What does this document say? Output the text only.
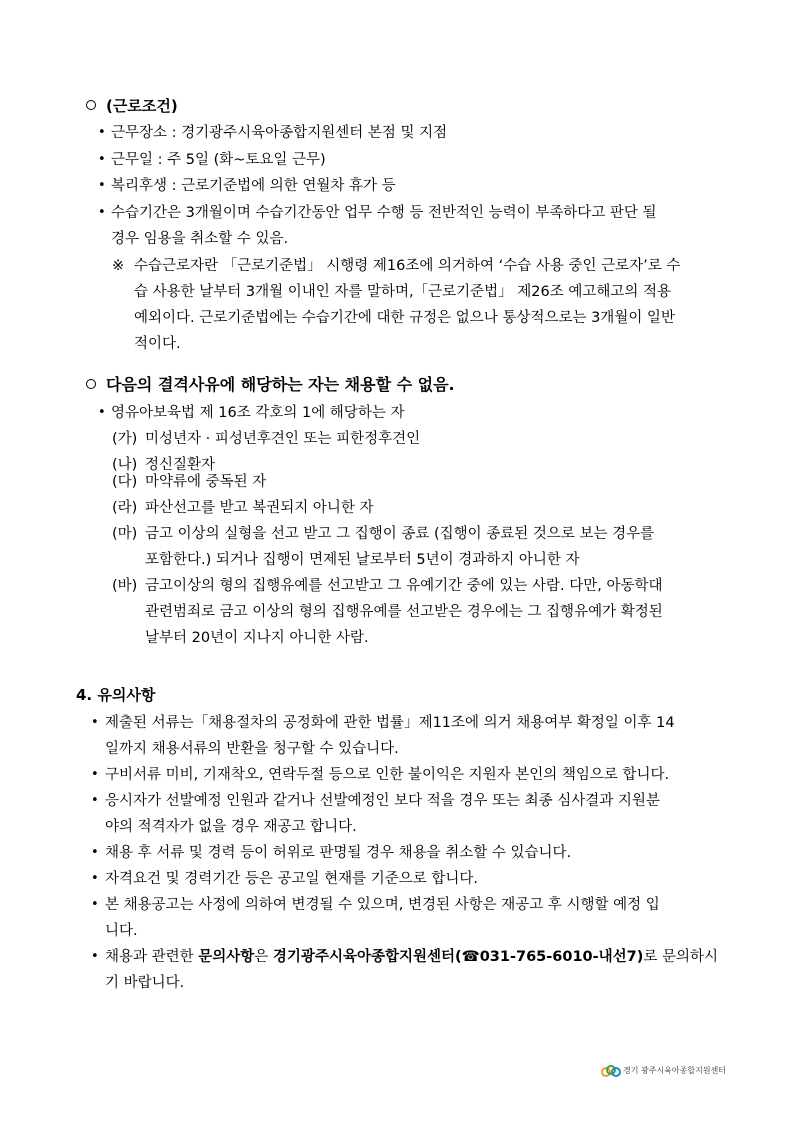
(근로조건)
• 근무장소 : 경기광주시육아종합지원센터 본점 및 지점
• 근무일 : 주 5일 (화~토요일 근무)
• 복리후생 : 근로기준법에 의한 연월차 휴가 등
• 수습기간은 3개월이며 수습기간동안 업무 수행 등 전반적인 능력이 부족하다고 판단 될
경우 임용을 취소할 수 있음.
※ 수습근로자란 「근로기준법」 시행령 제16조에 의거하여 ‘수습 사용 중인 근로자’로 수
습 사용한 날부터 3개월 이내인 자를 말하며,「근로기준법」 제26조 예고해고의 적용
예외이다. 근로기준법에는 수습기간에 대한 규정은 없으나 통상적으로는 3개월이 일반
적이다.
다음의 결격사유에 해당하는 자는 채용할 수 없음.
• 영유아보육법 제 16조 각호의 1에 해당하는 자
(가) 미성년자 · 피성년후견인 또는 피한정후견인
(나) 정신질환자
(다) 마약류에 중독된 자
(라) 파산선고를 받고 복권되지 아니한 자
(마) 금고 이상의 실형을 선고 받고 그 집행이 종료 (집행이 종료된 것으로 보는 경우를
포함한다.) 되거나 집행이 면제된 날로부터 5년이 경과하지 아니한 자
(바) 금고이상의 형의 집행유예를 선고받고 그 유예기간 중에 있는 사람. 다만, 아동학대
관련범죄로 금고 이상의 형의 집행유예를 선고받은 경우에는 그 집행유예가 확정된
날부터 20년이 지나지 아니한 사람.
4. 유의사항
• 제출된 서류는「채용절차의 공정화에 관한 법률」제11조에 의거 채용여부 확정일 이후 14
일까지 채용서류의 반환을 청구할 수 있습니다.
• 구비서류 미비, 기재착오, 연락두절 등으로 인한 불이익은 지원자 본인의 책임으로 합니다.
• 응시자가 선발예정 인원과 같거나 선발예정인 보다 적을 경우 또는 최종 심사결과 지원분
야의 적격자가 없을 경우 재공고 합니다.
• 채용 후 서류 및 경력 등이 허위로 판명될 경우 채용을 취소할 수 있습니다.
• 자격요건 및 경력기간 등은 공고일 현재를 기준으로 합니다.
• 본 채용공고는 사정에 의하여 변경될 수 있으며, 변경된 사항은 재공고 후 시행할 예정 입
니다.
• 채용과 관련한 문의사항은 경기광주시육아종합지원센터(☎031-765-6010-내선7)로 문의하시
기 바랍니다.
경기 광주시육아종합지원센터
